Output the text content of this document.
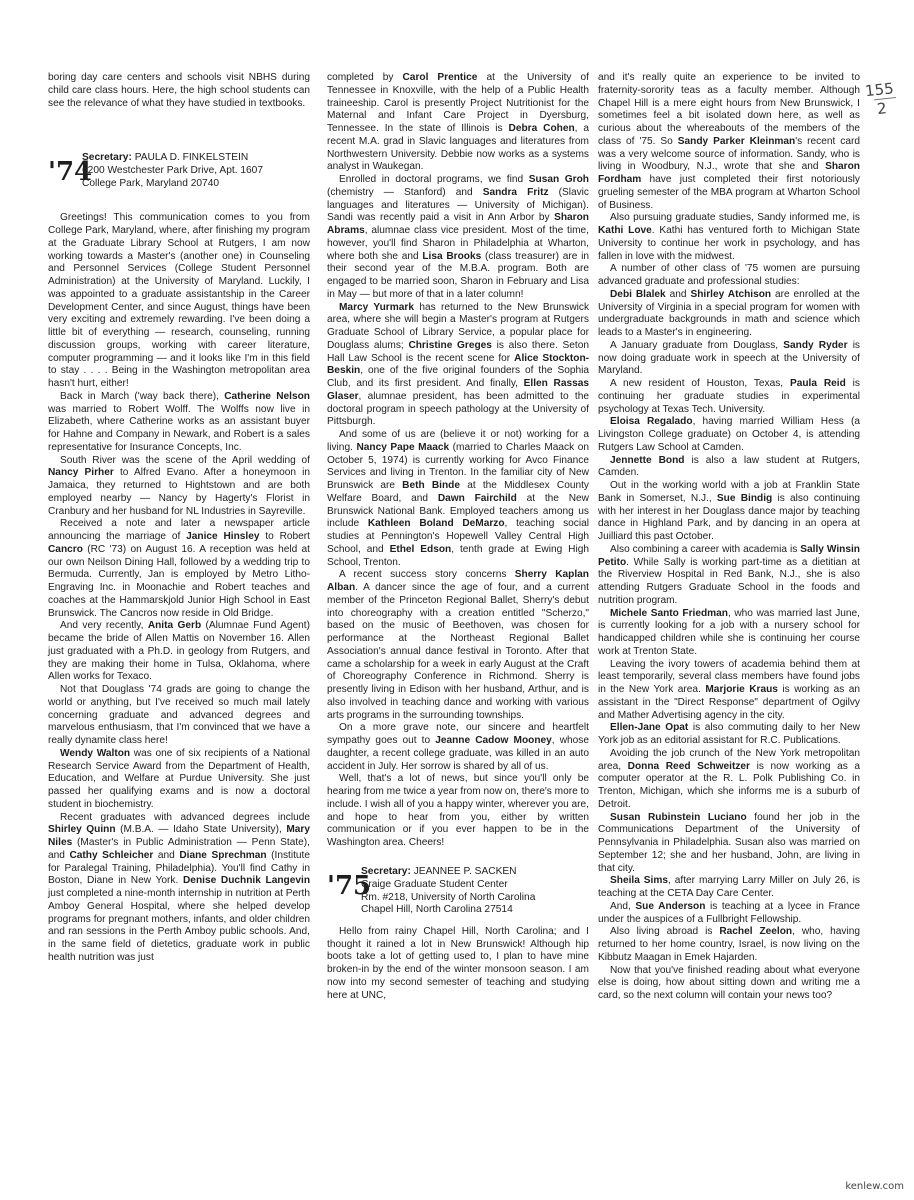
boring day care centers and schools visit NBHS during child care class hours. Here, the high school students can see the relevance of what they have studied in textbooks.

'74
Secretary: PAULA D. FINKELSTEIN
6200 Westchester Park Drive, Apt. 1607
College Park, Maryland 20740

Greetings! This communication comes to you from College Park, Maryland, where, after finishing my program at the Graduate Library School at Rutgers, I am now working towards a Master's (another one) in Counseling and Personnel Services (College Student Personnel Administration) at the University of Maryland. Luckily, I was appointed to a graduate assistantship in the Career Development Center, and since August, things have been very exciting and extremely rewarding. I've been doing a little bit of everything — research, counseling, running discussion groups, working with career literature, computer programming — and it looks like I'm in this field to stay . . . . Being in the Washington metropolitan area hasn't hurt, either!

Back in March ('way back there), Catherine Nelson was married to Robert Wolff. The Wolffs now live in Elizabeth, where Catherine works as an assistant buyer for Hahne and Company in Newark, and Robert is a sales representative for Insurance Concepts, Inc.

South River was the scene of the April wedding of Nancy Pirher to Alfred Evano. After a honeymoon in Jamaica, they returned to Hightstown and are both employed nearby — Nancy by Hagerty's Florist in Cranbury and her husband for NL Industries in Sayreville.

Received a note and later a newspaper article announcing the marriage of Janice Hinsley to Robert Cancro (RC '73) on August 16. A reception was held at our own Neilson Dining Hall, followed by a wedding trip to Bermuda. Currently, Jan is employed by Metro Litho-Engraving Inc. in Moonachie and Robert teaches and coaches at the Hammarskjold Junior High School in East Brunswick. The Cancros now reside in Old Bridge.

And very recently, Anita Gerb (Alumnae Fund Agent) became the bride of Allen Mattis on November 16. Allen just graduated with a Ph.D. in geology from Rutgers, and they are making their home in Tulsa, Oklahoma, where Allen works for Texaco.

Not that Douglass '74 grads are going to change the world or anything, but I've received so much mail lately concerning graduate and advanced degrees and marvelous enthusiasm, that I'm convinced that we have a really dynamite class here!

Wendy Walton was one of six recipients of a National Research Service Award from the Department of Health, Education, and Welfare at Purdue University. She just passed her qualifying exams and is now a doctoral student in biochemistry.

Recent graduates with advanced degrees include Shirley Quinn (M.B.A. — Idaho State University), Mary Niles (Master's in Public Administration — Penn State), and Cathy Schleicher and Diane Sprechman (Institute for Paralegal Training, Philadelphia). You'll find Cathy in Boston, Diane in New York. Denise Duchnik Langevin just completed a nine-month internship in nutrition at Perth Amboy General Hospital, where she helped develop programs for pregnant mothers, infants, and older children and ran sessions in the Perth Amboy public schools. And, in the same field of dietetics, graduate work in public health nutrition was just

completed by Carol Prentice at the University of Tennessee in Knoxville, with the help of a Public Health traineeship. Carol is presently Project Nutritionist for the Maternal and Infant Care Project in Dyersburg, Tennessee. In the state of Illinois is Debra Cohen, a recent M.A. grad in Slavic languages and literatures from Northwestern University. Debbie now works as a systems analyst in Waukegan.

Enrolled in doctoral programs, we find Susan Groh (chemistry — Stanford) and Sandra Fritz (Slavic languages and literatures — University of Michigan). Sandi was recently paid a visit in Ann Arbor by Sharon Abrams, alumnae class vice president. Most of the time, however, you'll find Sharon in Philadelphia at Wharton, where both she and Lisa Brooks (class treasurer) are in their second year of the M.B.A. program. Both are engaged to be married soon, Sharon in February and Lisa in May — but more of that in a later column!

Marcy Yurmark has returned to the New Brunswick area, where she will begin a Master's program at Rutgers Graduate School of Library Service, a popular place for Douglass alums; Christine Greges is also there. Seton Hall Law School is the recent scene for Alice Stockton-Beskin, one of the five original founders of the Sophia Club, and its first president. And finally, Ellen Rassas Glaser, alumnae president, has been admitted to the doctoral program in speech pathology at the University of Pittsburgh.

And some of us are (believe it or not) working for a living. Nancy Pape Maack (married to Charles Maack on October 5, 1974) is currently working for Avco Finance Services and living in Trenton. In the familiar city of New Brunswick are Beth Binde at the Middlesex County Welfare Board, and Dawn Fairchild at the New Brunswick National Bank. Employed teachers among us include Kathleen Boland DeMarzo, teaching social studies at Pennington's Hopewell Valley Central High School, and Ethel Edson, tenth grade at Ewing High School, Trenton.

A recent success story concerns Sherry Kaplan Alban. A dancer since the age of four, and a current member of the Princeton Regional Ballet, Sherry's debut into choreography with a creation entitled "Scherzo," based on the music of Beethoven, was chosen for performance at the Northeast Regional Ballet Association's annual dance festival in Toronto. After that came a scholarship for a week in early August at the Craft of Choreography Conference in Richmond. Sherry is presently living in Edison with her husband, Arthur, and is also involved in teaching dance and working with various arts programs in the surrounding townships.

On a more grave note, our sincere and heartfelt sympathy goes out to Jeanne Cadow Mooney, whose daughter, a recent college graduate, was killed in an auto accident in July. Her sorrow is shared by all of us.

Well, that's a lot of news, but since you'll only be hearing from me twice a year from now on, there's more to include. I wish all of you a happy winter, wherever you are, and hope to hear from you, either by written communication or if you ever happen to be in the Washington area. Cheers!

'75
Secretary: JEANNEE P. SACKEN
Craige Graduate Student Center
Rm. #218, University of North Carolina
Chapel Hill, North Carolina 27514

Hello from rainy Chapel Hill, North Carolina; and I thought it rained a lot in New Brunswick! Although hip boots take a lot of getting used to, I plan to have mine broken-in by the end of the winter monsoon season. I am now into my second semester of teaching and studying here at UNC,

and it's really quite an experience to be invited to fraternity-sorority teas as a faculty member. Although Chapel Hill is a mere eight hours from New Brunswick, I sometimes feel a bit isolated down here, as well as curious about the whereabouts of the members of the class of '75. So Sandy Parker Kleinman's recent card was a very welcome source of information. Sandy, who is living in Woodbury, N.J., wrote that she and Sharon Fordham have just completed their first notoriously grueling semester of the MBA program at Wharton School of Business.

Also pursuing graduate studies, Sandy informed me, is Kathi Love. Kathi has ventured forth to Michigan State University to continue her work in psychology, and has fallen in love with the midwest.

A number of other class of '75 women are pursuing advanced graduate and professional studies:

Debi Blalek and Shirley Atchison are enrolled at the University of Virginia in a special program for women with undergraduate backgrounds in math and science which leads to a Master's in engineering.

A January graduate from Douglass, Sandy Ryder is now doing graduate work in speech at the University of Maryland.

A new resident of Houston, Texas, Paula Reid is continuing her graduate studies in experimental psychology at Texas Tech. University.

Eloisa Regalado, having married William Hess (a Livingston College graduate) on October 4, is attending Rutgers Law School at Camden.

Jennette Bond is also a law student at Rutgers, Camden.

Out in the working world with a job at Franklin State Bank in Somerset, N.J., Sue Bindig is also continuing with her interest in her Douglass dance major by teaching dance in Highland Park, and by dancing in an opera at Juilliard this past October.

Also combining a career with academia is Sally Winsin Petito. While Sally is working part-time as a dietitian at the Riverview Hospital in Red Bank, N.J., she is also attending Rutgers Graduate School in the foods and nutrition program.

Michele Santo Friedman, who was married last June, is currently looking for a job with a nursery school for handicapped children while she is continuing her course work at Trenton State.

Leaving the ivory towers of academia behind them at least temporarily, several class members have found jobs in the New York area. Marjorie Kraus is working as an assistant in the "Direct Response" department of Ogilvy and Mather Advertising agency in the city.

Ellen-Jane Opat is also commuting daily to her New York job as an editorial assistant for R.C. Publications.

Avoiding the job crunch of the New York metropolitan area, Donna Reed Schweitzer is now working as a computer operator at the R. L. Polk Publishing Co. in Trenton, Michigan, which she informs me is a suburb of Detroit.

Susan Rubinstein Luciano found her job in the Communications Department of the University of Pennsylvania in Philadelphia. Susan also was married on September 12; she and her husband, John, are living in that city.

Sheila Sims, after marrying Larry Miller on July 26, is teaching at the CETA Day Care Center.

And, Sue Anderson is teaching at a lycee in France under the auspices of a Fullbright Fellowship.

Also living abroad is Rachel Zeelon, who, having returned to her home country, Israel, is now living on the Kibbutz Maagan in Emek Hajarden.

Now that you've finished reading about what everyone else is doing, how about sitting down and writing me a card, so the next column will contain your news too?

$\frac{155}{2}$
kenlew.com
